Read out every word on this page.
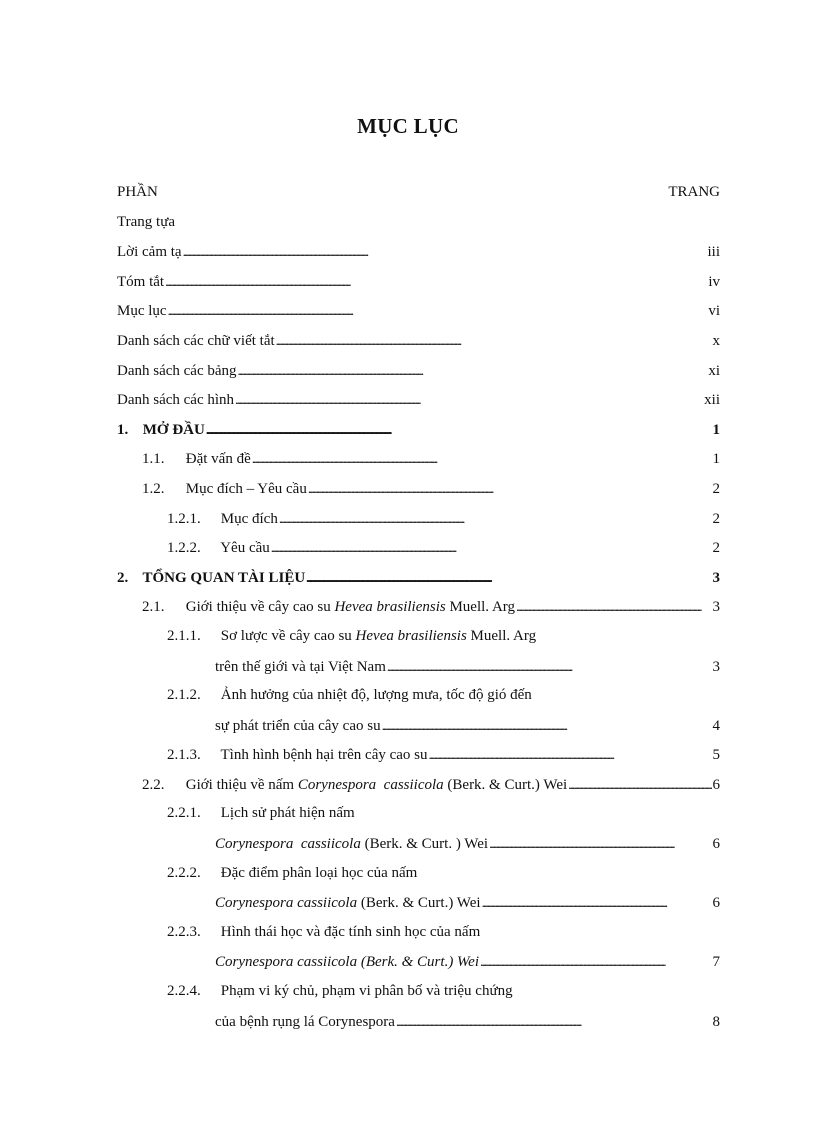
MỤC LỤC
PHẦN	TRANG
Trang tựa
Lời cảm tạ . . .	iii
Tóm tắt . . .	iv
Mục lục . . .	vi
Danh sách các chữ viết tắt . . .	x
Danh sách các bảng . . .	xi
Danh sách các hình . . .	xii
1. MỞ ĐẦU . . .	1
1.1. Đặt vấn đề . . .	1
1.2. Mục đích – Yêu cầu . . .	2
1.2.1. Mục đích . . .	2
1.2.2. Yêu cầu . . .	2
2. TỔNG QUAN TÀI LIỆU . . .	3
2.1. Giới thiệu về cây cao su Hevea brasiliensis Muell. Arg . . .	3
2.1.1. Sơ lược về cây cao su Hevea brasiliensis Muell. Arg
trên thế giới và tại Việt Nam . . .	3
2.1.2. Ảnh hưởng của nhiệt độ, lượng mưa, tốc độ gió đến
sự phát triển của cây cao su . . .	4
2.1.3. Tình hình bệnh hại trên cây cao su . . .	5
2.2. Giới thiệu về nấm Corynespora  cassiicola (Berk. & Curt.) Wei . . .	6
2.2.1. Lịch sử phát hiện nấm
Corynespora  cassiicola (Berk. & Curt. ) Wei . . .	6
2.2.2. Đặc điểm phân loại học của nấm
Corynespora cassiicola (Berk. & Curt.) Wei . . .	6
2.2.3. Hình thái học và đặc tính sinh học của nấm
Corynespora cassiicola (Berk. & Curt.) Wei . . .	7
2.2.4. Phạm vi ký chủ, phạm vi phân bố và triệu chứng
của bệnh rụng lá Corynespora . . .	8
